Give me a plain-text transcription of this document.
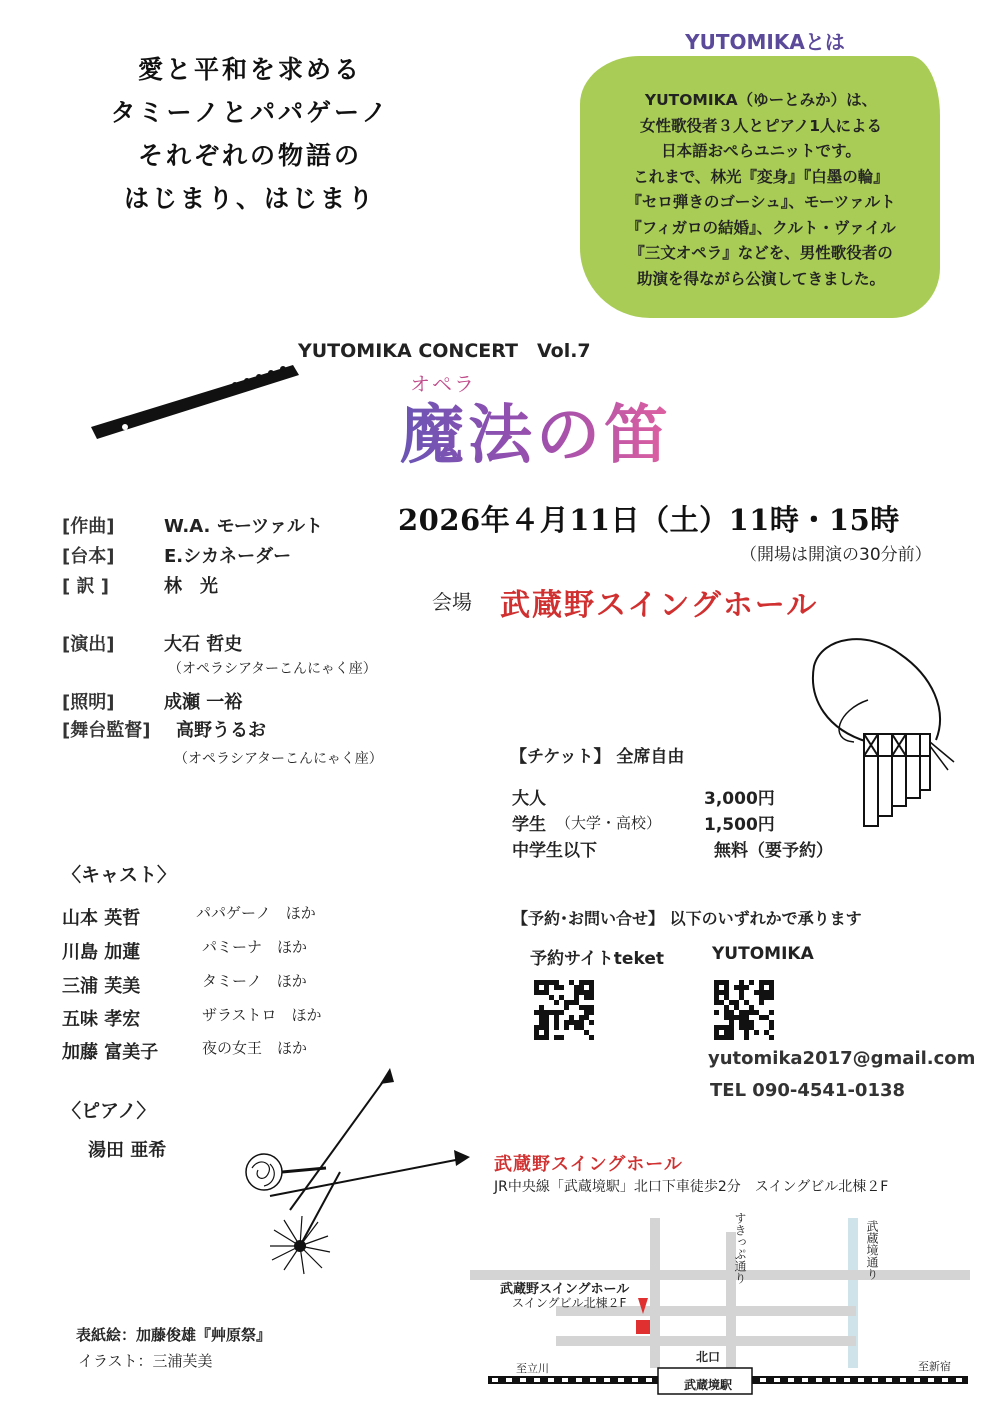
愛と平和を求める
タミーノとパパゲーノ
それぞれの物語の
はじまり、はじまり
YUTOMIKAとは
YUTOMIKA（ゆーとみか）は、
女性歌役者３人とピアノ1人による
日本語おぺらユニットです。
これまで、林光『変身』『白墨の輪』
『セロ弾きのゴーシュ』、モーツァルト
『フィガロの結婚』、クルト・ヴァイル
『三文オペラ』などを、男性歌役者の
助演を得ながら公演してきました。
YUTOMIKA CONCERT　Vol.7
オペラ
魔法の笛
2026年４月11日（土）11時・15時
（開場は開演の30分前）
会場 武蔵野スイングホール
[作曲]	W.A. モーツァルト
[台本]	E.シカネーダー
[ 訳 ]	林　光
[演出]	大石 哲史
（オペラシアターこんにゃく座）
[照明]	成瀬 一裕
[舞台監督] 高野うるお
（オペラシアターこんにゃく座）	【チケット】 全席自由
大人	3,000円
学生 （大学・高校）	1,500円
中学生以下	無料（要予約）
〈キャスト〉
山本 英哲	パパゲーノ　ほか
川島 加蓮	パミーナ　ほか
三浦 芙美	タミーノ　ほか
五味 孝宏	ザラストロ　ほか
加藤 富美子	夜の女王　ほか
〈ピアノ〉
湯田 亜希
【予約･お問い合せ】 以下のいずれかで承ります
予約サイトteket	YUTOMIKA
yutomika2017@gmail.com
TEL 090-4541-0138
武蔵野スイングホール
JR中央線「武蔵境駅」北口下車徒歩2分　スイングビル北棟２F
すきっぷ通り	武蔵境通り
武蔵野スイングホール
スイングビル北棟２F
北口
至立川	至新宿
武蔵境駅
表紙絵：加藤俊雄『艸原祭』
イラスト：三浦芙美
